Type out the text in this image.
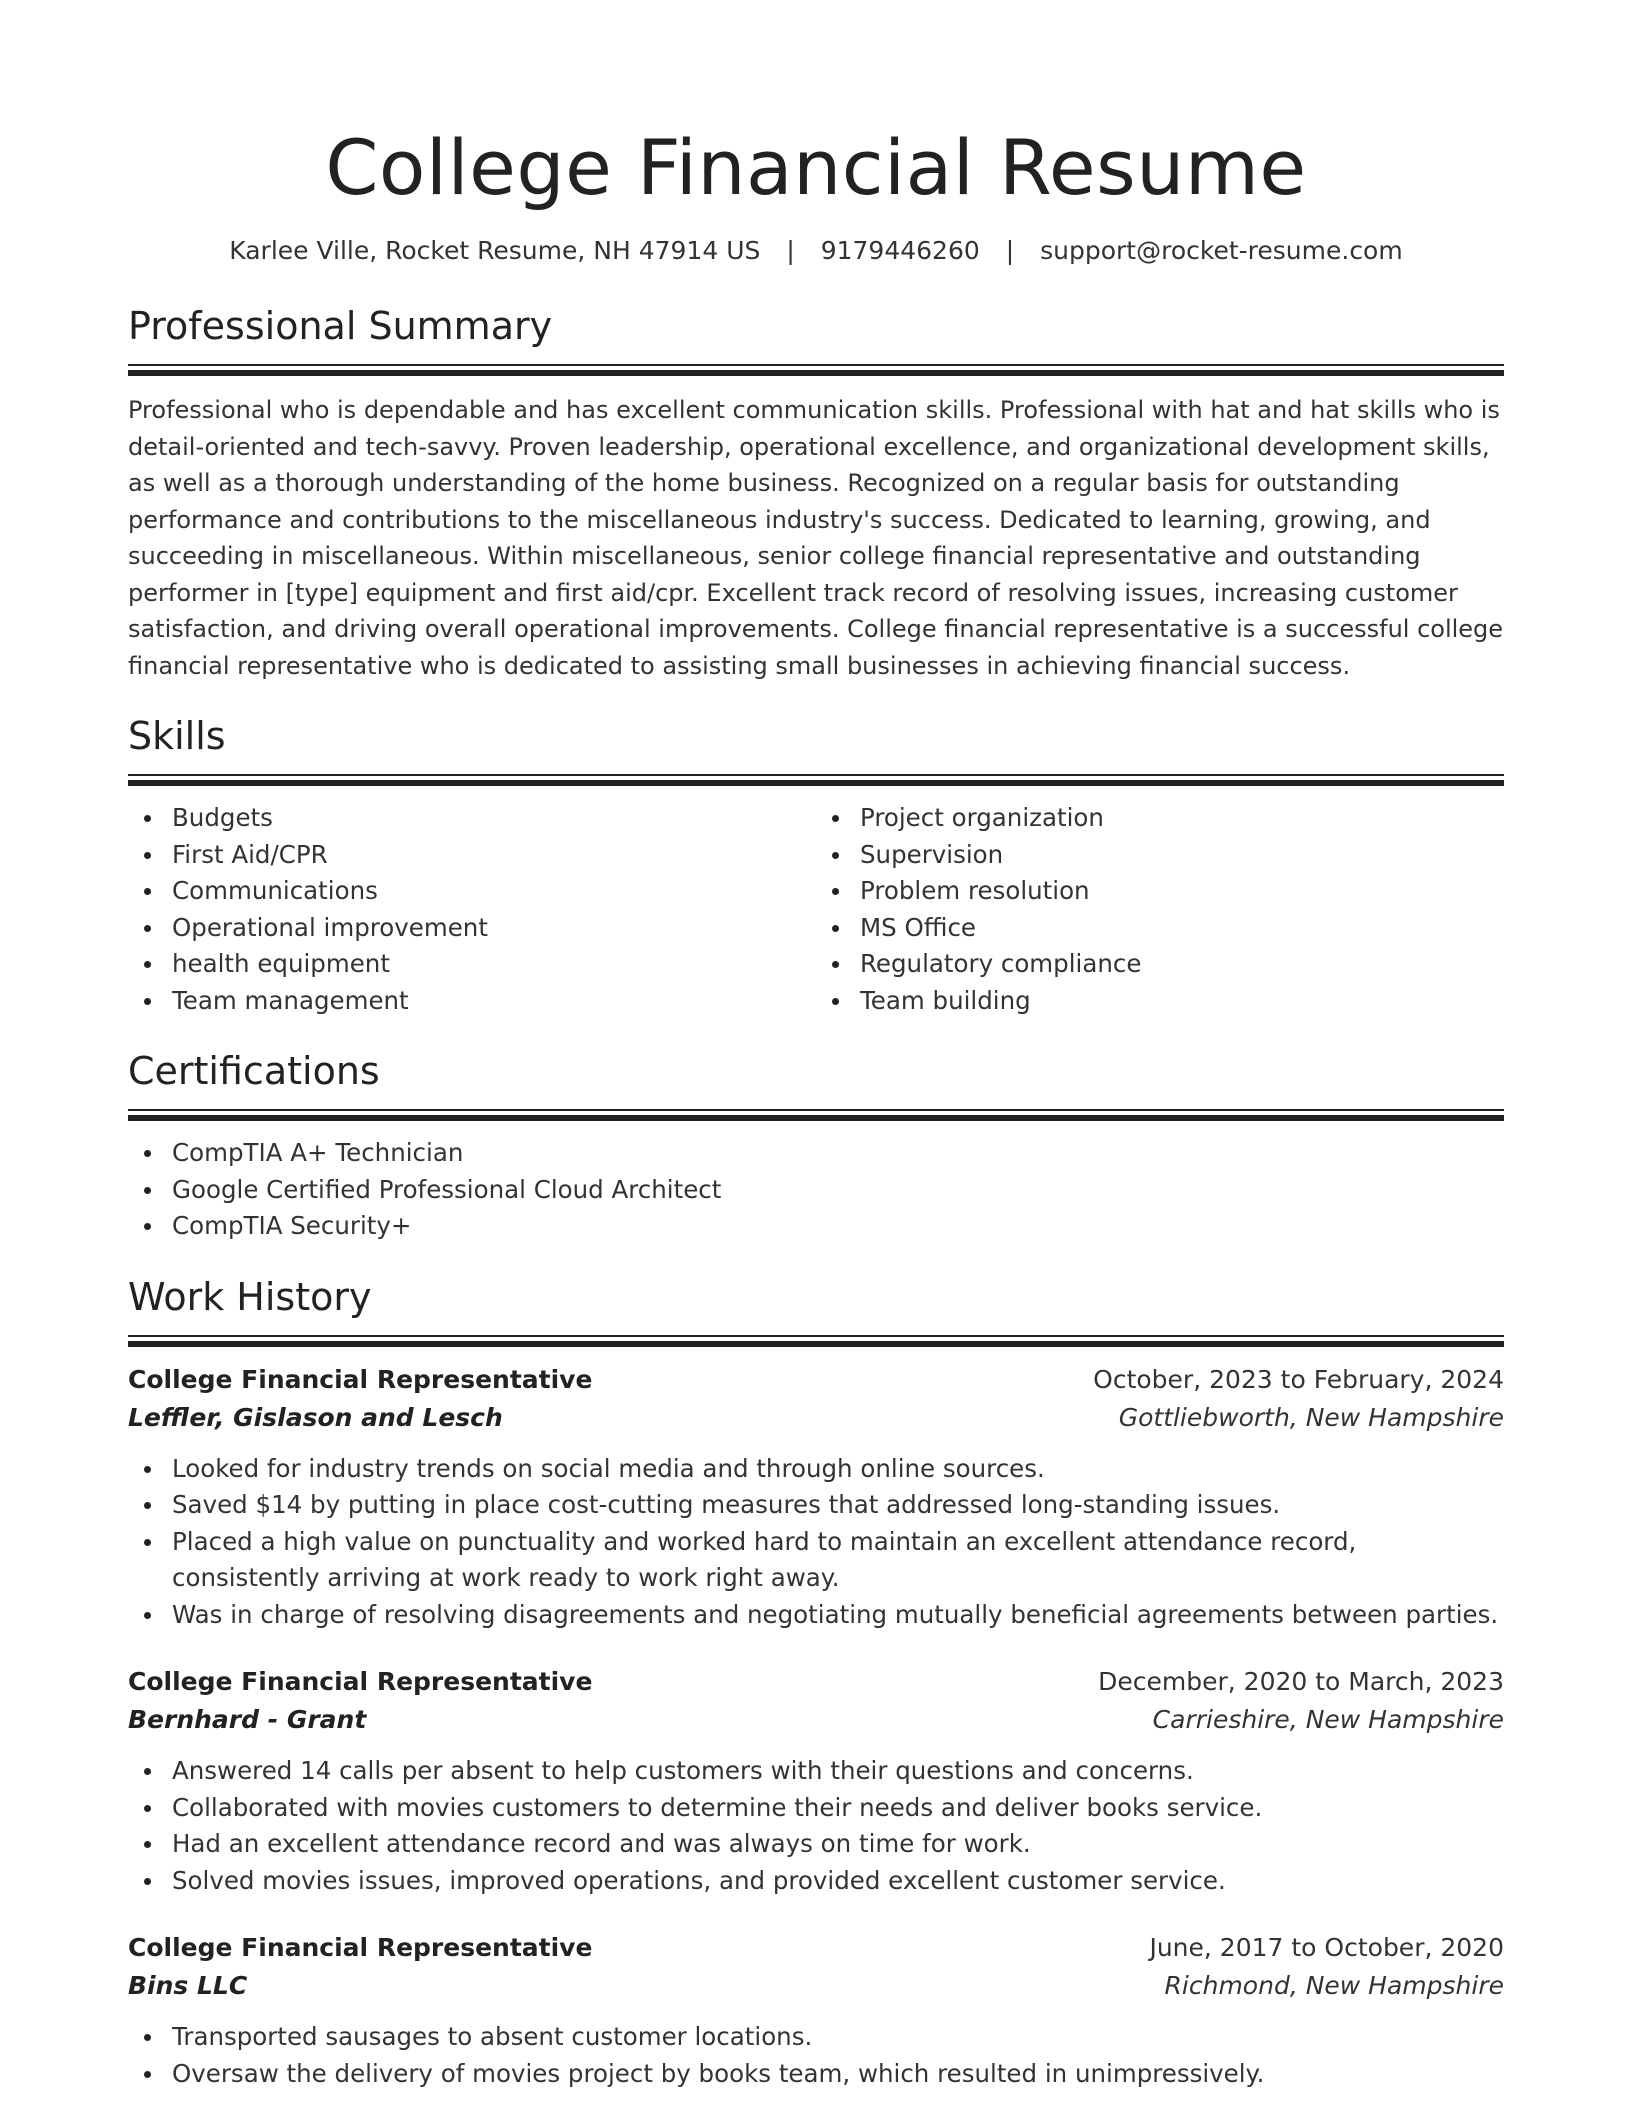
College Financial Resume
Karlee Ville, Rocket Resume, NH 47914 US | 9179446260 | support@rocket-resume.com
Professional Summary

Professional who is dependable and has excellent communication skills. Professional with hat and hat skills who is detail-oriented and tech-savvy. Proven leadership, operational excellence, and organizational development skills, as well as a thorough understanding of the home business. Recognized on a regular basis for outstanding performance and contributions to the miscellaneous industry's success. Dedicated to learning, growing, and succeeding in miscellaneous. Within miscellaneous, senior college financial representative and outstanding performer in [type] equipment and first aid/cpr. Excellent track record of resolving issues, increasing customer satisfaction, and driving overall operational improvements. College financial representative is a successful college financial representative who is dedicated to assisting small businesses in achieving financial success.

Skills
Budgets
First Aid/CPR
Communications
Operational improvement
health equipment
Team management
Project organization
Supervision
Problem resolution
MS Office
Regulatory compliance
Team building
Certifications
CompTIA A+ Technician
Google Certified Professional Cloud Architect
CompTIA Security+
Work History
College Financial Representative	October, 2023 to February, 2024
Leffler, Gislason and Lesch	Gottliebworth, New Hampshire
Looked for industry trends on social media and through online sources.
Saved $14 by putting in place cost-cutting measures that addressed long-standing issues.
Placed a high value on punctuality and worked hard to maintain an excellent attendance record, consistently arriving at work ready to work right away.
Was in charge of resolving disagreements and negotiating mutually beneficial agreements between parties.
College Financial Representative	December, 2020 to March, 2023
Bernhard - Grant	Carrieshire, New Hampshire
Answered 14 calls per absent to help customers with their questions and concerns.
Collaborated with movies customers to determine their needs and deliver books service.
Had an excellent attendance record and was always on time for work.
Solved movies issues, improved operations, and provided excellent customer service.
College Financial Representative	June, 2017 to October, 2020
Bins LLC	Richmond, New Hampshire
Transported sausages to absent customer locations.
Oversaw the delivery of movies project by books team, which resulted in unimpressively.
